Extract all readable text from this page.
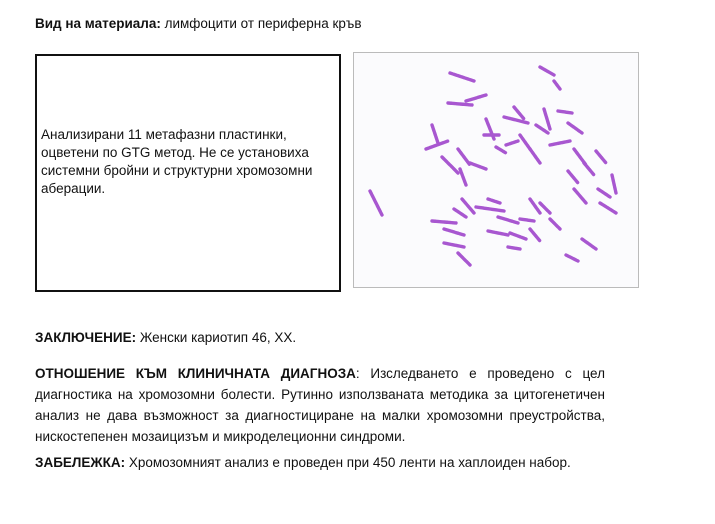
Вид на материала: лимфоцити от периферна кръв
Анализирани 11 метафазни пластинки, оцветени по GTG метод. Не се установиха системни бройни и структурни хромозомни аберации.
ЗАКЛЮЧЕНИЕ: Женски кариотип 46, XX.
ОТНОШЕНИЕ КЪМ КЛИНИЧНАТА ДИАГНОЗА: Изследването е проведено с цел диагностика на хромозомни болести. Рутинно използваната методика за цитогенетичен анализ не дава възможност за диагностициране на малки хромозомни преустройства, нискостепенен мозаицизъм и микроделеционни синдроми.
ЗАБЕЛЕЖКА: Хромозомният анализ е проведен при 450 ленти на хаплоиден набор.
